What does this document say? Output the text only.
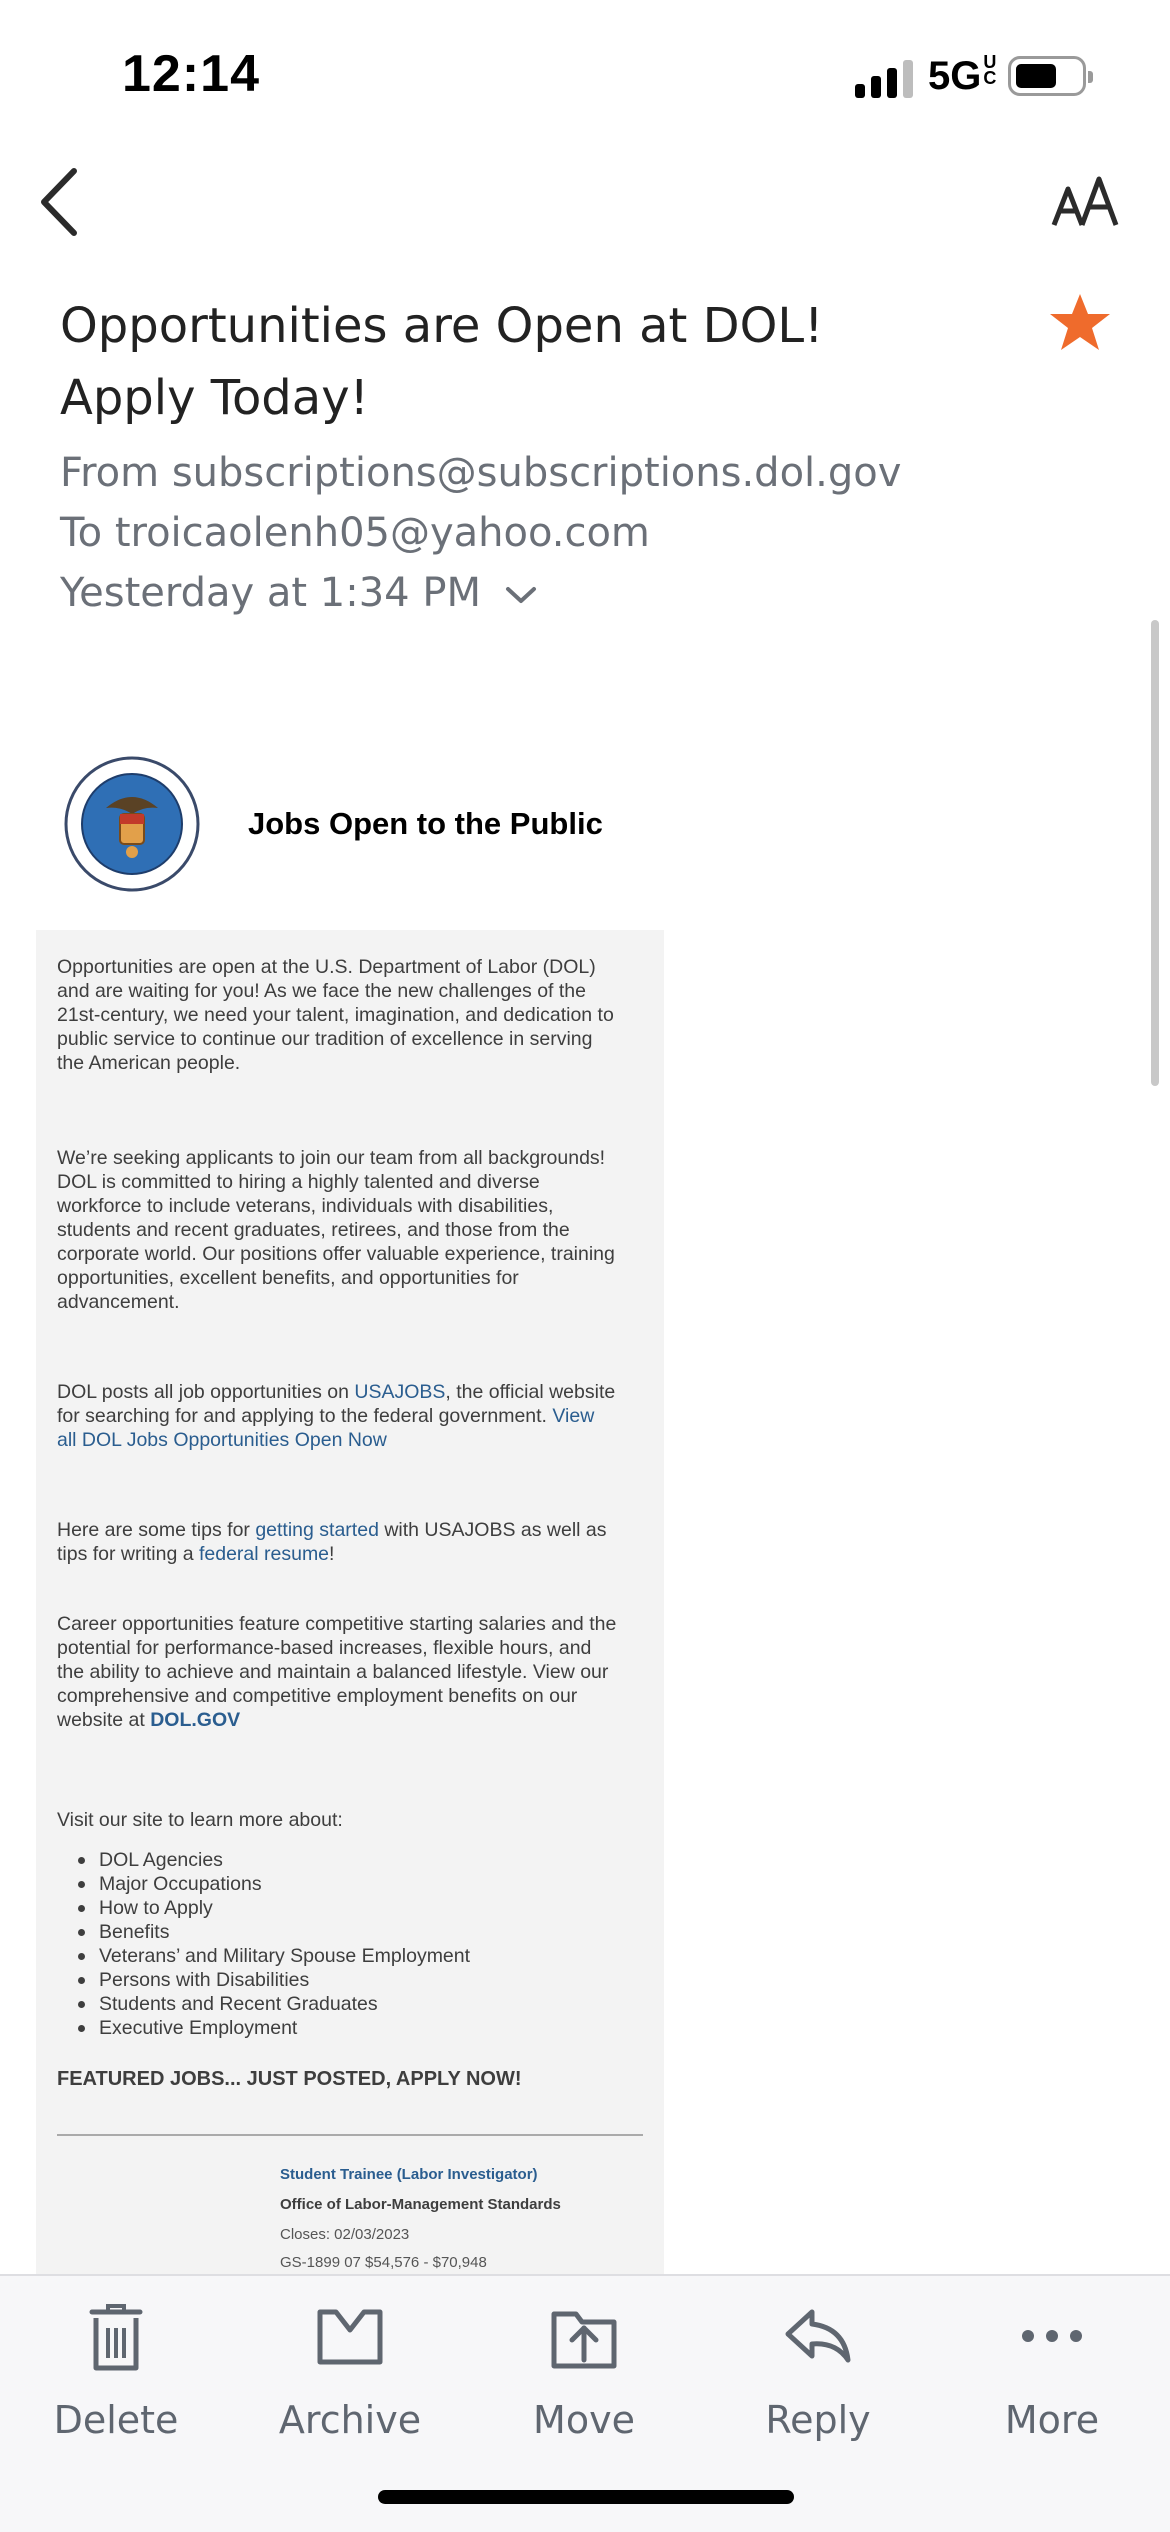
12:14	5G UC
Opportunities are Open at DOL! Apply Today!
From subscriptions@subscriptions.dol.gov
To troicaolenh05@yahoo.com
Yesterday at 1:34 PM
Jobs Open to the Public
Opportunities are open at the U.S. Department of Labor (DOL) and are waiting for you! As we face the new challenges of the 21st-century, we need your talent, imagination, and dedication to public service to continue our tradition of excellence in serving the American people.
We’re seeking applicants to join our team from all backgrounds! DOL is committed to hiring a highly talented and diverse workforce to include veterans, individuals with disabilities, students and recent graduates, retirees, and those from the corporate world. Our positions offer valuable experience, training opportunities, excellent benefits, and opportunities for advancement.
DOL posts all job opportunities on USAJOBS, the official website for searching for and applying to the federal government. View all DOL Jobs Opportunities Open Now
Here are some tips for getting started with USAJOBS as well as tips for writing a federal resume!
Career opportunities feature competitive starting salaries and the potential for performance-based increases, flexible hours, and the ability to achieve and maintain a balanced lifestyle. View our comprehensive and competitive employment benefits on our website at DOL.GOV
Visit our site to learn more about:
DOL Agencies
Major Occupations
How to Apply
Benefits
Veterans’ and Military Spouse Employment
Persons with Disabilities
Students and Recent Graduates
Executive Employment
FEATURED JOBS... JUST POSTED, APPLY NOW!
Student Trainee (Labor Investigator)
Office of Labor-Management Standards
Closes: 02/03/2023
GS-1899 07 $54,576 - $70,948
Delete	Archive	Move	Reply	More
